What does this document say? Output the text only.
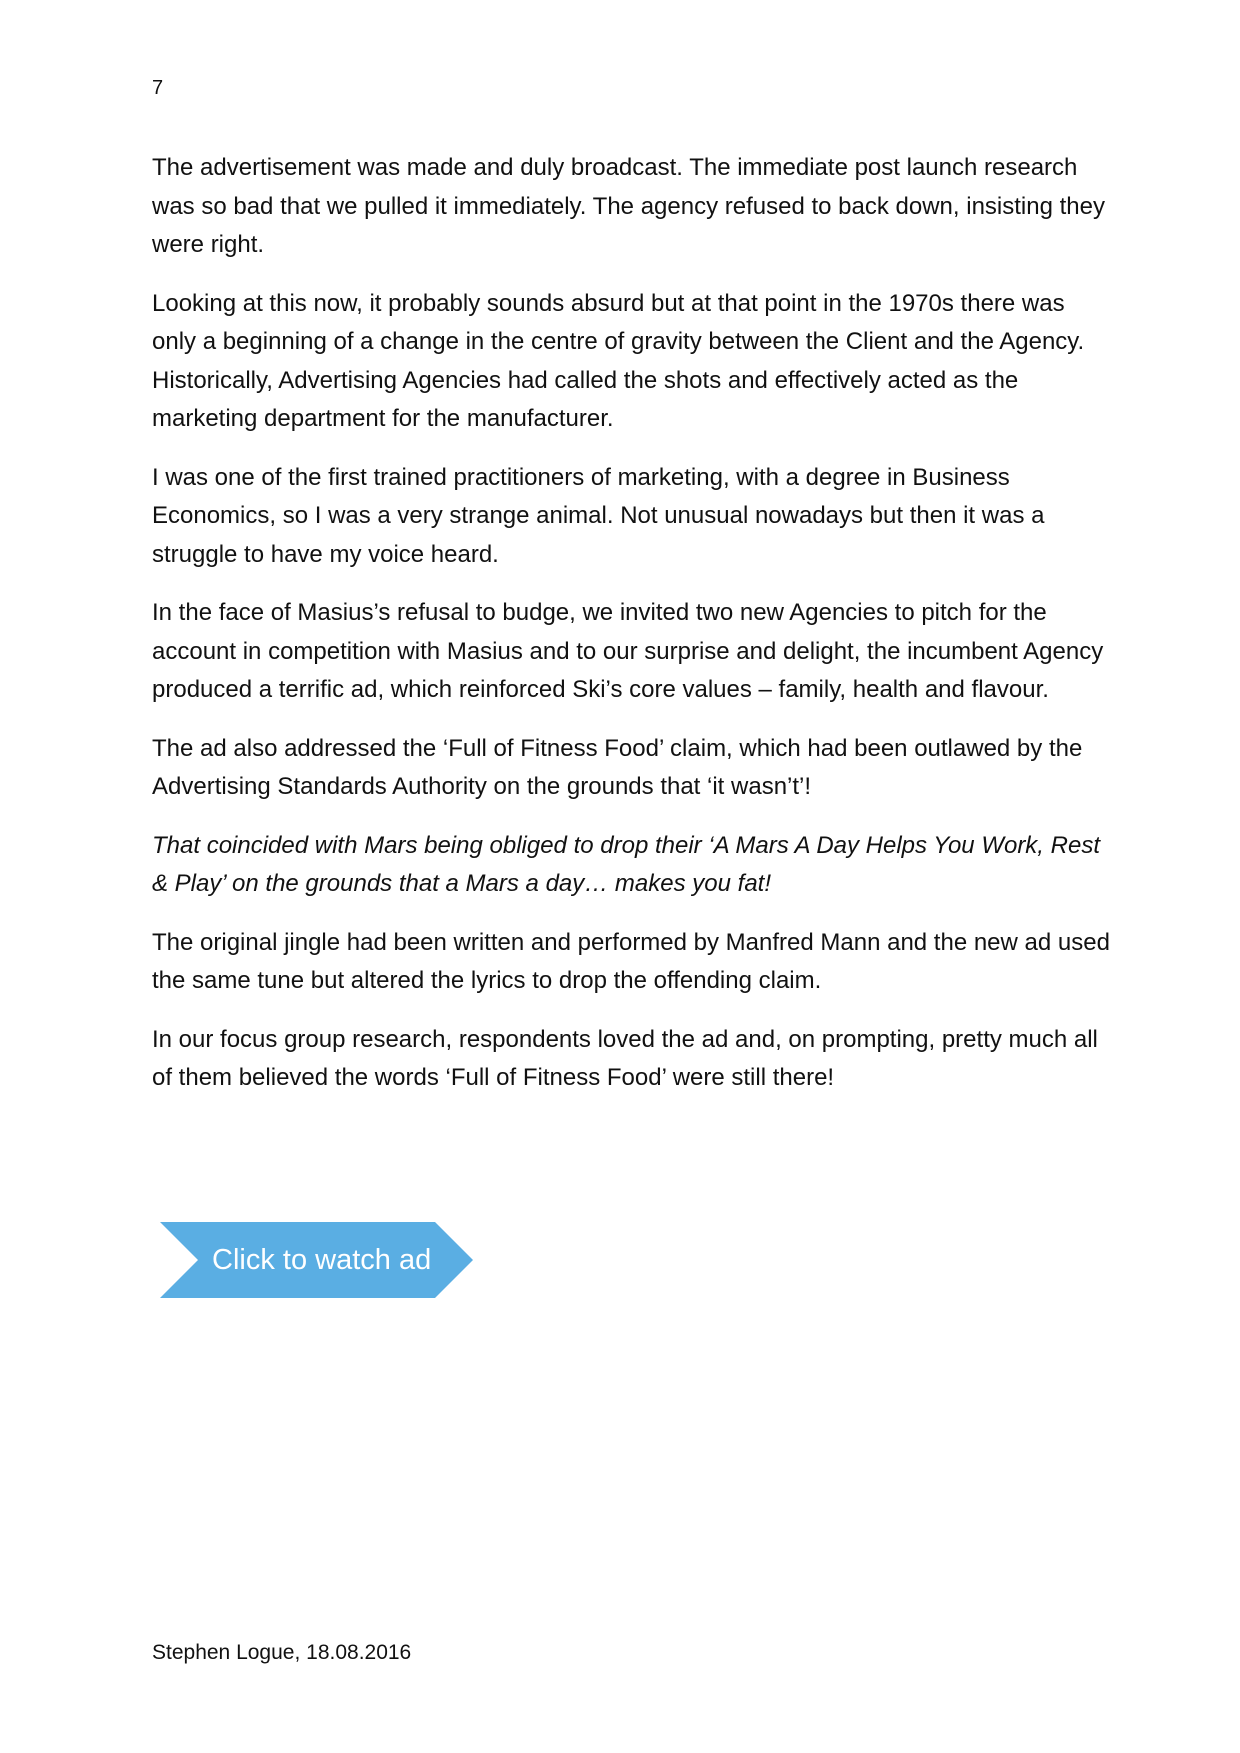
7

The advertisement was made and duly broadcast. The immediate post launch research was so bad that we pulled it immediately. The agency refused to back down, insisting they were right.

Looking at this now, it probably sounds absurd but at that point in the 1970s there was only a beginning of a change in the centre of gravity between the Client and the Agency. Historically, Advertising Agencies had called the shots and effectively acted as the marketing department for the manufacturer.

I was one of the first trained practitioners of marketing, with a degree in Business Economics, so I was a very strange animal. Not unusual nowadays but then it was a struggle to have my voice heard.

In the face of Masius’s refusal to budge, we invited two new Agencies to pitch for the account in competition with Masius and to our surprise and delight, the incumbent Agency produced a terrific ad, which reinforced Ski’s core values – family, health and flavour.

The ad also addressed the ‘Full of Fitness Food’ claim, which had been outlawed by the Advertising Standards Authority on the grounds that ‘it wasn’t’!

That coincided with Mars being obliged to drop their ‘A Mars A Day Helps You Work, Rest & Play’ on the grounds that a Mars a day… makes you fat!

The original jingle had been written and performed by Manfred Mann and the new ad used the same tune but altered the lyrics to drop the offending claim.

In our focus group research, respondents loved the ad and, on prompting, pretty much all of them believed the words ‘Full of Fitness Food’ were still there!

Click to watch ad
Stephen Logue, 18.08.2016
